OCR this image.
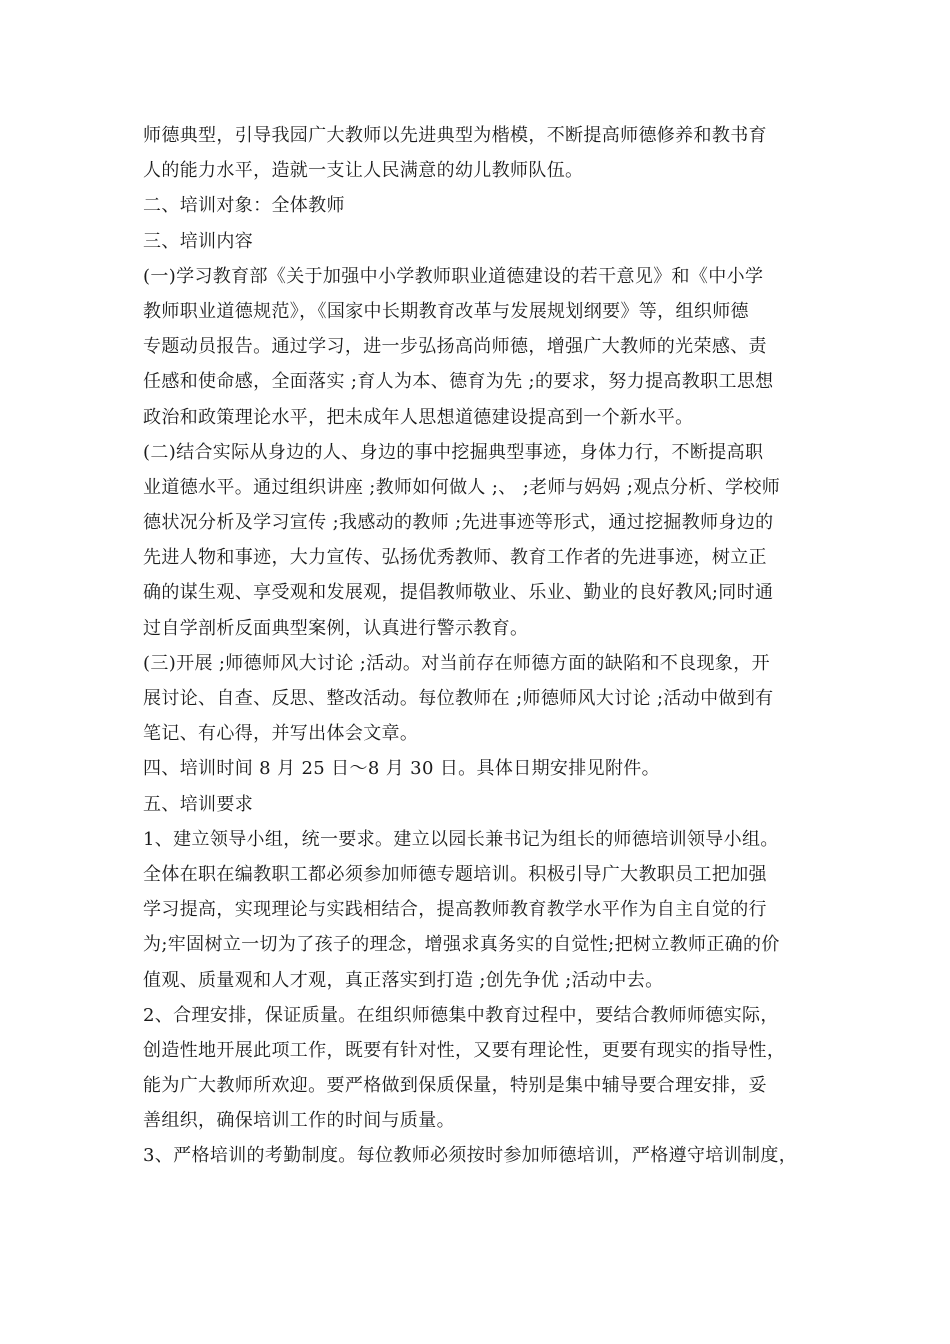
师德典型，引导我园广大教师以先进典型为楷模，不断提高师德修养和教书育
人的能力水平，造就一支让人民满意的幼儿教师队伍。
二、培训对象：全体教师
三、培训内容
(一)学习教育部《关于加强中小学教师职业道德建设的若干意见》和《中小学
教师职业道德规范》，《国家中长期教育改革与发展规划纲要》等，组织师德
专题动员报告。通过学习，进一步弘扬高尚师德，增强广大教师的光荣感、责
任感和使命感，全面落实 ;育人为本、德育为先 ;的要求，努力提高教职工思想
政治和政策理论水平，把未成年人思想道德建设提高到一个新水平。
(二)结合实际从身边的人、身边的事中挖掘典型事迹，身体力行，不断提高职
业道德水平。通过组织讲座 ;教师如何做人 ;、 ;老师与妈妈 ;观点分析、学校师
德状况分析及学习宣传 ;我感动的教师 ;先进事迹等形式，通过挖掘教师身边的
先进人物和事迹，大力宣传、弘扬优秀教师、教育工作者的先进事迹，树立正
确的谋生观、享受观和发展观，提倡教师敬业、乐业、勤业的良好教风;同时通
过自学剖析反面典型案例，认真进行警示教育。
(三)开展 ;师德师风大讨论 ;活动。对当前存在师德方面的缺陷和不良现象，开
展讨论、自查、反思、整改活动。每位教师在 ;师德师风大讨论 ;活动中做到有
笔记、有心得，并写出体会文章。
四、培训时间 8 月 25 日～8 月 30 日。具体日期安排见附件。
五、培训要求
1、建立领导小组，统一要求。建立以园长兼书记为组长的师德培训领导小组。
全体在职在编教职工都必须参加师德专题培训。积极引导广大教职员工把加强
学习提高，实现理论与实践相结合，提高教师教育教学水平作为自主自觉的行
为;牢固树立一切为了孩子的理念，增强求真务实的自觉性;把树立教师正确的价
值观、质量观和人才观，真正落实到打造 ;创先争优 ;活动中去。
2、合理安排，保证质量。在组织师德集中教育过程中，要结合教师师德实际，
创造性地开展此项工作，既要有针对性，又要有理论性，更要有现实的指导性，
能为广大教师所欢迎。要严格做到保质保量，特别是集中辅导要合理安排，妥
善组织，确保培训工作的时间与质量。
3、严格培训的考勤制度。每位教师必须按时参加师德培训，严格遵守培训制度，
